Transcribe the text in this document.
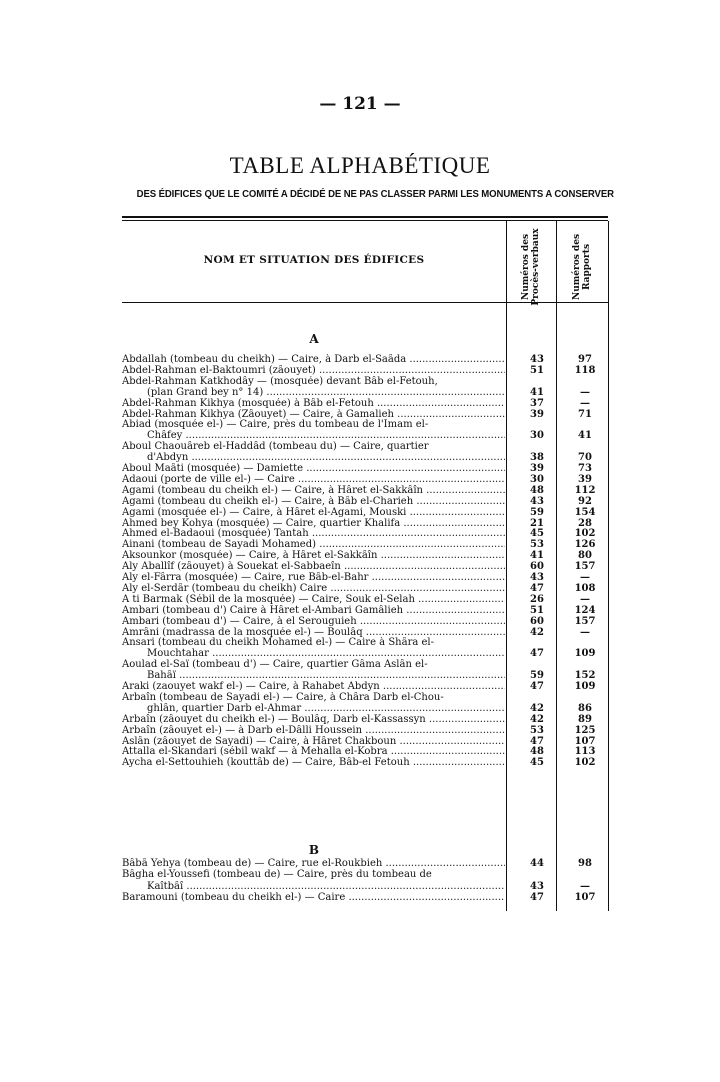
— 121 —
TABLE ALPHABÉTIQUE
DES ÉDIFICES QUE LE COMITÉ A DÉCIDÉ DE NE PAS CLASSER PARMI LES MONUMENTS A CONSERVER
NOM ET SITUATION DES ÉDIFICES	Numéros des Procès-verbaux	Numéros des Rapports
A
Abdallah (tombeau du cheikh) — Caire, à Darb el-Saâda .....	43	97
Abdel-Rahman el-Baktoumri (zâouyet) .....	51	118
Abdel-Rahman Katkhodây — (mosquée) devant Bâb el-Fetouh,
(plan Grand bey n° 14) .....	41	—
Abdel-Rahman Kikhya (mosquée) à Bâb el-Fetouh .....	37	—
Abdel-Rahman Kikhya (Zâouyet) — Caire, à Gamalieh .....	39	71
Abiad (mosquée el-) — Caire, près du tombeau de l'Imam el-
Châfey .....	30	41
Aboul Chaouâreb el-Haddâd (tombeau du) — Caire, quartier
d'Abdyn .....	38	70
Aboul Maâti (mosquée) — Damiette .....	39	73
Adaoui (porte de ville el-) — Caire .....	30	39
Agami (tombeau du cheikh el-) — Caire, à Hâret el-Sakkâîn .....	48	112
Agami (tombeau du cheikh el-) — Caire, à Bâb el-Charieh .....	43	92
Agami (mosquée el-) — Caire, à Hâret el-Agami, Mouski .....	59	154
Ahmed bey Kohya (mosquée) — Caire, quartier Khalifa .....	21	28
Ahmed el-Badaoui (mosquée) Tantah .....	45	102
Ainani (tombeau de Sayadi Mohamed) .....	53	126
Aksounkor (mosquée) — Caire, à Hâret el-Sakkâîn .....	41	80
Aly Aballîf (zâouyet) à Souekat el-Sabbaeîn .....	60	157
Aly el-Fârra (mosquée) — Caire, rue Bâb-el-Bahr .....	43	—
Aly el-Serdâr (tombeau du cheikh) Caire .....	47	108
A ti Barmak (Sébil de la mosquée) — Caire, Souk el-Selah .....	26	—
Ambari (tombeau d') Caire à Hâret el-Ambari Gamâlieh .....	51	124
Ambari (tombeau d') — Caire, à el Serouguieh .....	60	157
Amrâni (madrassa de la mosquée el-) — Boulâq .....	42	—
Ansari (tombeau du cheikh Mohamed el-) — Caire à Shâra el-
Mouchtahar .....	47	109
Aoulad el-Saï (tombeau d') — Caire, quartier Gâma Aslân el-
Bahâï .....	59	152
Araki (zaouyet wakf el-) — Caire, à Rahabet Abdyn .....	47	109
Arbaîn (tombeau de Sayadi el-) — Caire, à Châra Darb el-Chou-
ghlân, quartier Darb el-Ahmar .....	42	86
Arbaîn (zâouyet du cheikh el-) — Boulâq, Darb el-Kassassyn .....	42	89
Arbaîn (zâouyet el-) — à Darb el-Dâlli Houssein .....	53	125
Aslân (zâouyet de Sayadi) — Caire, à Hâret Chakboun .....	47	107
Attalla el-Skandari (sébil wakf — à Mehalla el-Kobra .....	48	113
Aycha el-Settouhieh (kouttâb de) — Caire, Bâb-el Fetouh .....	45	102
B
Bâbâ Yehya (tombeau de) — Caire, rue el-Roukbieh .....	44	98
Bâgha el-Youssefi (tombeau de) — Caire, près du tombeau de
Kaîtbâî .....	43	—
Baramouni (tombeau du cheikh el-) — Caire .....	47	107
